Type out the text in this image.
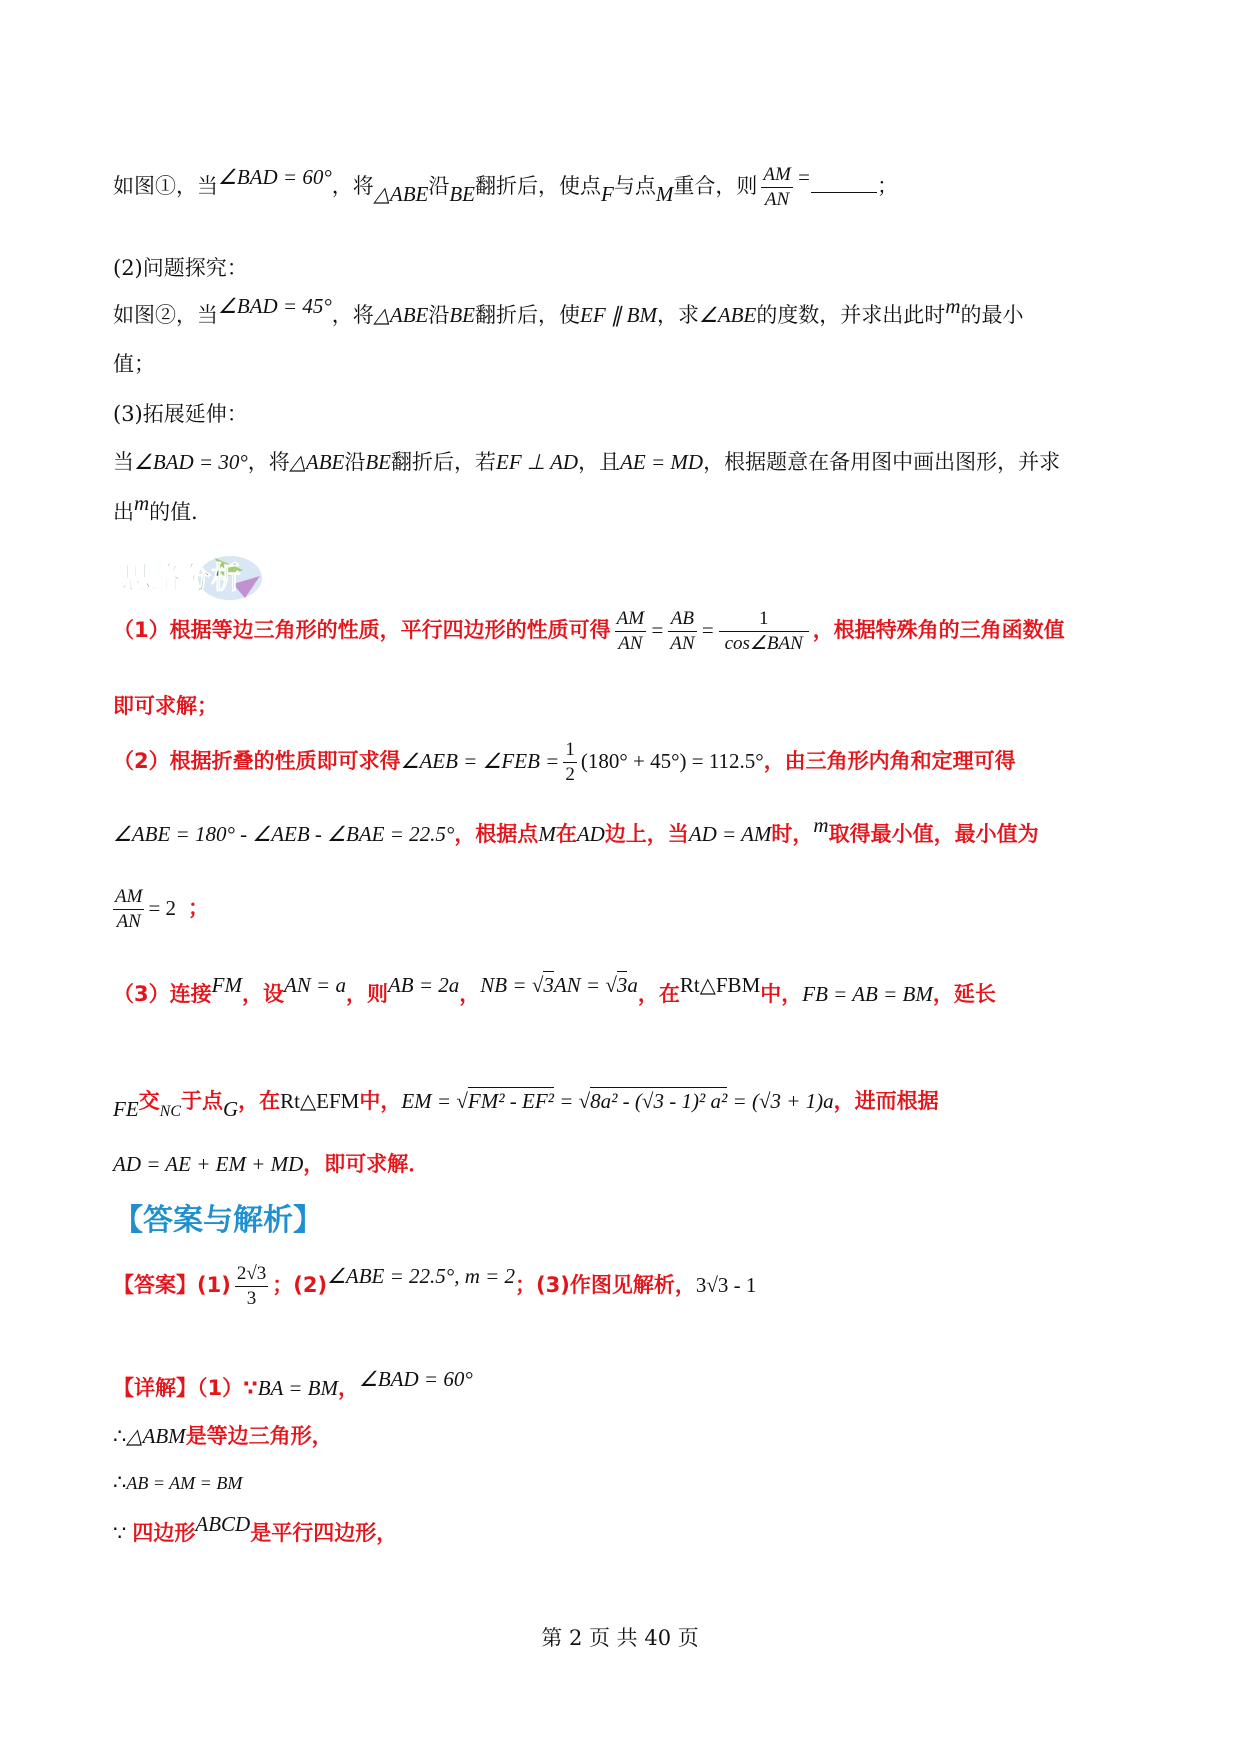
如图①，当∠BAD = 60°，将△ABE沿BE翻折后，使点F与点M重合，则 $\frac{AM}{AN}$ =	；
(2)问题探究：
如图②，当∠BAD = 45°，将△ABE沿BE翻折后，使EF ∥ BM，求∠ABE的度数，并求出此时m的最小
值；
(3)拓展延伸：
当∠BAD = 30°，将△ABE沿BE翻折后，若EF ⊥ AD，且AE = MD，根据题意在备用图中画出图形，并求
出m的值．
思路分析
（1）根据等边三角形的性质，平行四边形的性质可得 $\frac{AM}{AN} = \frac{AB}{AN} = \frac{1}{\text{cos∠BAN}}$ ，根据特殊角的三角函数值
即可求解；
（2）根据折叠的性质即可求得∠AEB = ∠FEB = $\frac{1}{2} (180^\circ + 45^\circ) = 112.5^\circ$，由三角形内角和定理可得
∠ABE = 180° - ∠AEB - ∠BAE = 22.5°，根据点M在AD边上，当AD = AM时，m取得最小值，最小值为
$\frac{AM}{AN} = 2$ ；
（3）连接FM，设AN = a，则AB = 2a，NB = √3AN = √3a，在Rt△FBM中，FB = AB = BM，延长
FE交$_{NC}$于点G，在Rt△EFM中，EM = √FM² - EF² = √8a² - (√3 - 1)² a² = (√3 + 1)a，进而根据
AD = AE + EM + MD，即可求解．
【答案与解析】
【答案】$(1) \frac{2√3}{3}$ ；(2)∠ABE = 22.5°, m = 2；(3)作图见解析，3√3 - 1
【详解】（1）∵BA = BM，∠BAD = 60°
∴△ABM是等边三角形，
∴AB = AM = BM
∵ 四边形ABCD是平行四边形，
第 2 页 共 40 页
